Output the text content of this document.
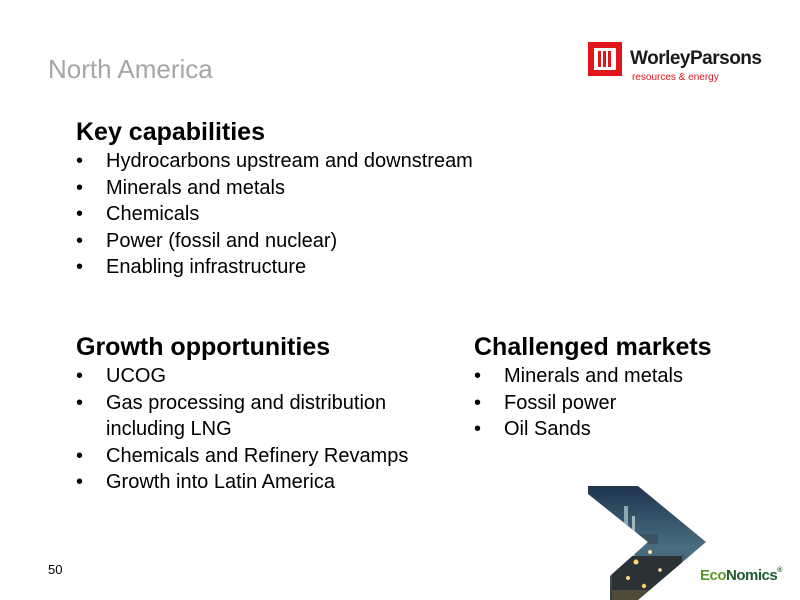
North America	WorleyParsons
resources & energy
Key capabilities
• Hydrocarbons upstream and downstream
• Minerals and metals
• Chemicals
• Power (fossil and nuclear)
• Enabling infrastructure
Growth opportunities
• UCOG
• Gas processing and distribution including LNG
• Chemicals and Refinery Revamps
• Growth into Latin America
Challenged markets
• Minerals and metals
• Fossil power
• Oil Sands
50	EcoNomics®
